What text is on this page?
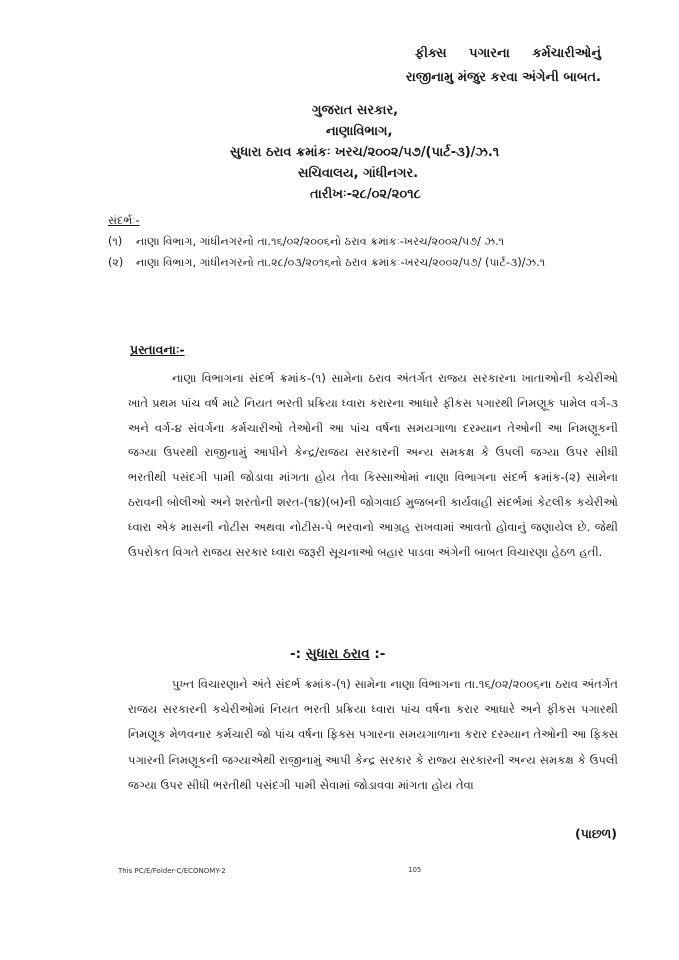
ફીક્સ પગારના કર્મચારીઓનું
રાજીનામુ મંજુર કરવા અંગેની બાબત.
ગુજરાત સરકાર,
નાણાવિભાગ,
સુધારા ઠરાવ ક્રમાંકઃ ખરચ/૨૦૦૨/૫૭/(પાર્ટ-૩)/ઝ.૧
સચિવાલય, ગાંધીનગર.
તારીખઃ-૨૮/૦૨/૨૦૧૮
સંદર્ભઃ-
(૧)	નાણા વિભાગ, ગાંધીનગરનો તા.૧૬/૦૨/૨૦૦૬નો ઠરાવ ક્રમાંકઃ-ખરચ/૨૦૦૨/૫૭/ ઝ.૧
(૨)	નાણા વિભાગ, ગાંધીનગરનો તા.૨૮/૦૩/૨૦૧૬નો ઠરાવ ક્રમાંકઃ-ખરચ/૨૦૦૨/૫૭/ (પાર્ટ-૩)/ઝ.૧
પ્રસ્તાવનાઃ-
નાણા વિભાગના સંદર્ભ ક્રમાંક-(૧) સામેના ઠરાવ અંતર્ગત રાજ્ય સરકારના ખાતાઓની કચેરીઓ ખાતે પ્રથમ પાંચ વર્ષ માટે નિયત ભરતી પ્રક્રિયા ધ્વારા કરારના આધારે ફીકસ પગારથી નિમણૂક પામેલ વર્ગ-૩ અને વર્ગ-૪ સંવર્ગના કર્મચારીઓ તેઓની આ પાંચ વર્ષના સમયગાળા દરમ્યાન તેઓની આ નિમણૂકની જગ્યા ઉપરથી રાજીનામું આપીને કેન્દ્ર/રાજય સરકારની અન્ય સમકક્ષ કે ઉપલી જગ્યા ઉપર સીધી ભરતીથી પસંદગી પામી જોડાવા માંગતા હોય તેવા કિસ્સાઓમાં નાણા વિભાગના સંદર્ભ ક્રમાંક-(૨) સામેના ઠરાવની બોલીઓ અને શરતોની શરત-(૧૪)(બ)ની જોગવાઈ મુજબની કાર્યવાહી સંદર્ભમાં કેટલીક કચેરીઓ ધ્વારા એક માસની નોટીસ અથવા નોટીસ-પે ભરવાનો આગ્રહ રાખવામાં આવતો હોવાનું જણાયેલ છે. જેથી ઉપરોકત વિગતે રાજય સરકાર ધ્વારા જરૂરી સૂચનાઓ બહાર પાડવા અંગેની બાબત વિચારણા હેઠળ હતી.
-: સુધારા ઠરાવ :-
પુખ્ત વિચારણાને અંતે સંદર્ભ ક્રમાંક-(૧) સામેના નાણા વિભાગના તા.૧૬/૦૨/૨૦૦૬ના ઠરાવ અંતર્ગત રાજય સરકારની કચેરીઓમાં નિયત ભરતી પ્રક્રિયા ધ્વારા પાંચ વર્ષના કરાર આધારે અને ફીકસ પગારથી નિમણૂક મેળવનાર કર્મચારી જો પાંચ વર્ષના ફિક્સ પગારના સમયગાળાના કરાર દરમ્યાન તેઓની આ ફિક્સ પગારની નિમણૂકની જગ્યાએથી રાજીનામું આપી કેન્દ્ર સરકાર કે રાજ્ય સરકારની અન્ય સમકક્ષ કે ઉપલી જગ્યા ઉપર સીધી ભરતીથી પસંદગી પામી સેવામાં જોડાવવા માંગતા હોય તેવા
(પાછળ)
This PC/E/Folder-C/ECONOMY-2	105
